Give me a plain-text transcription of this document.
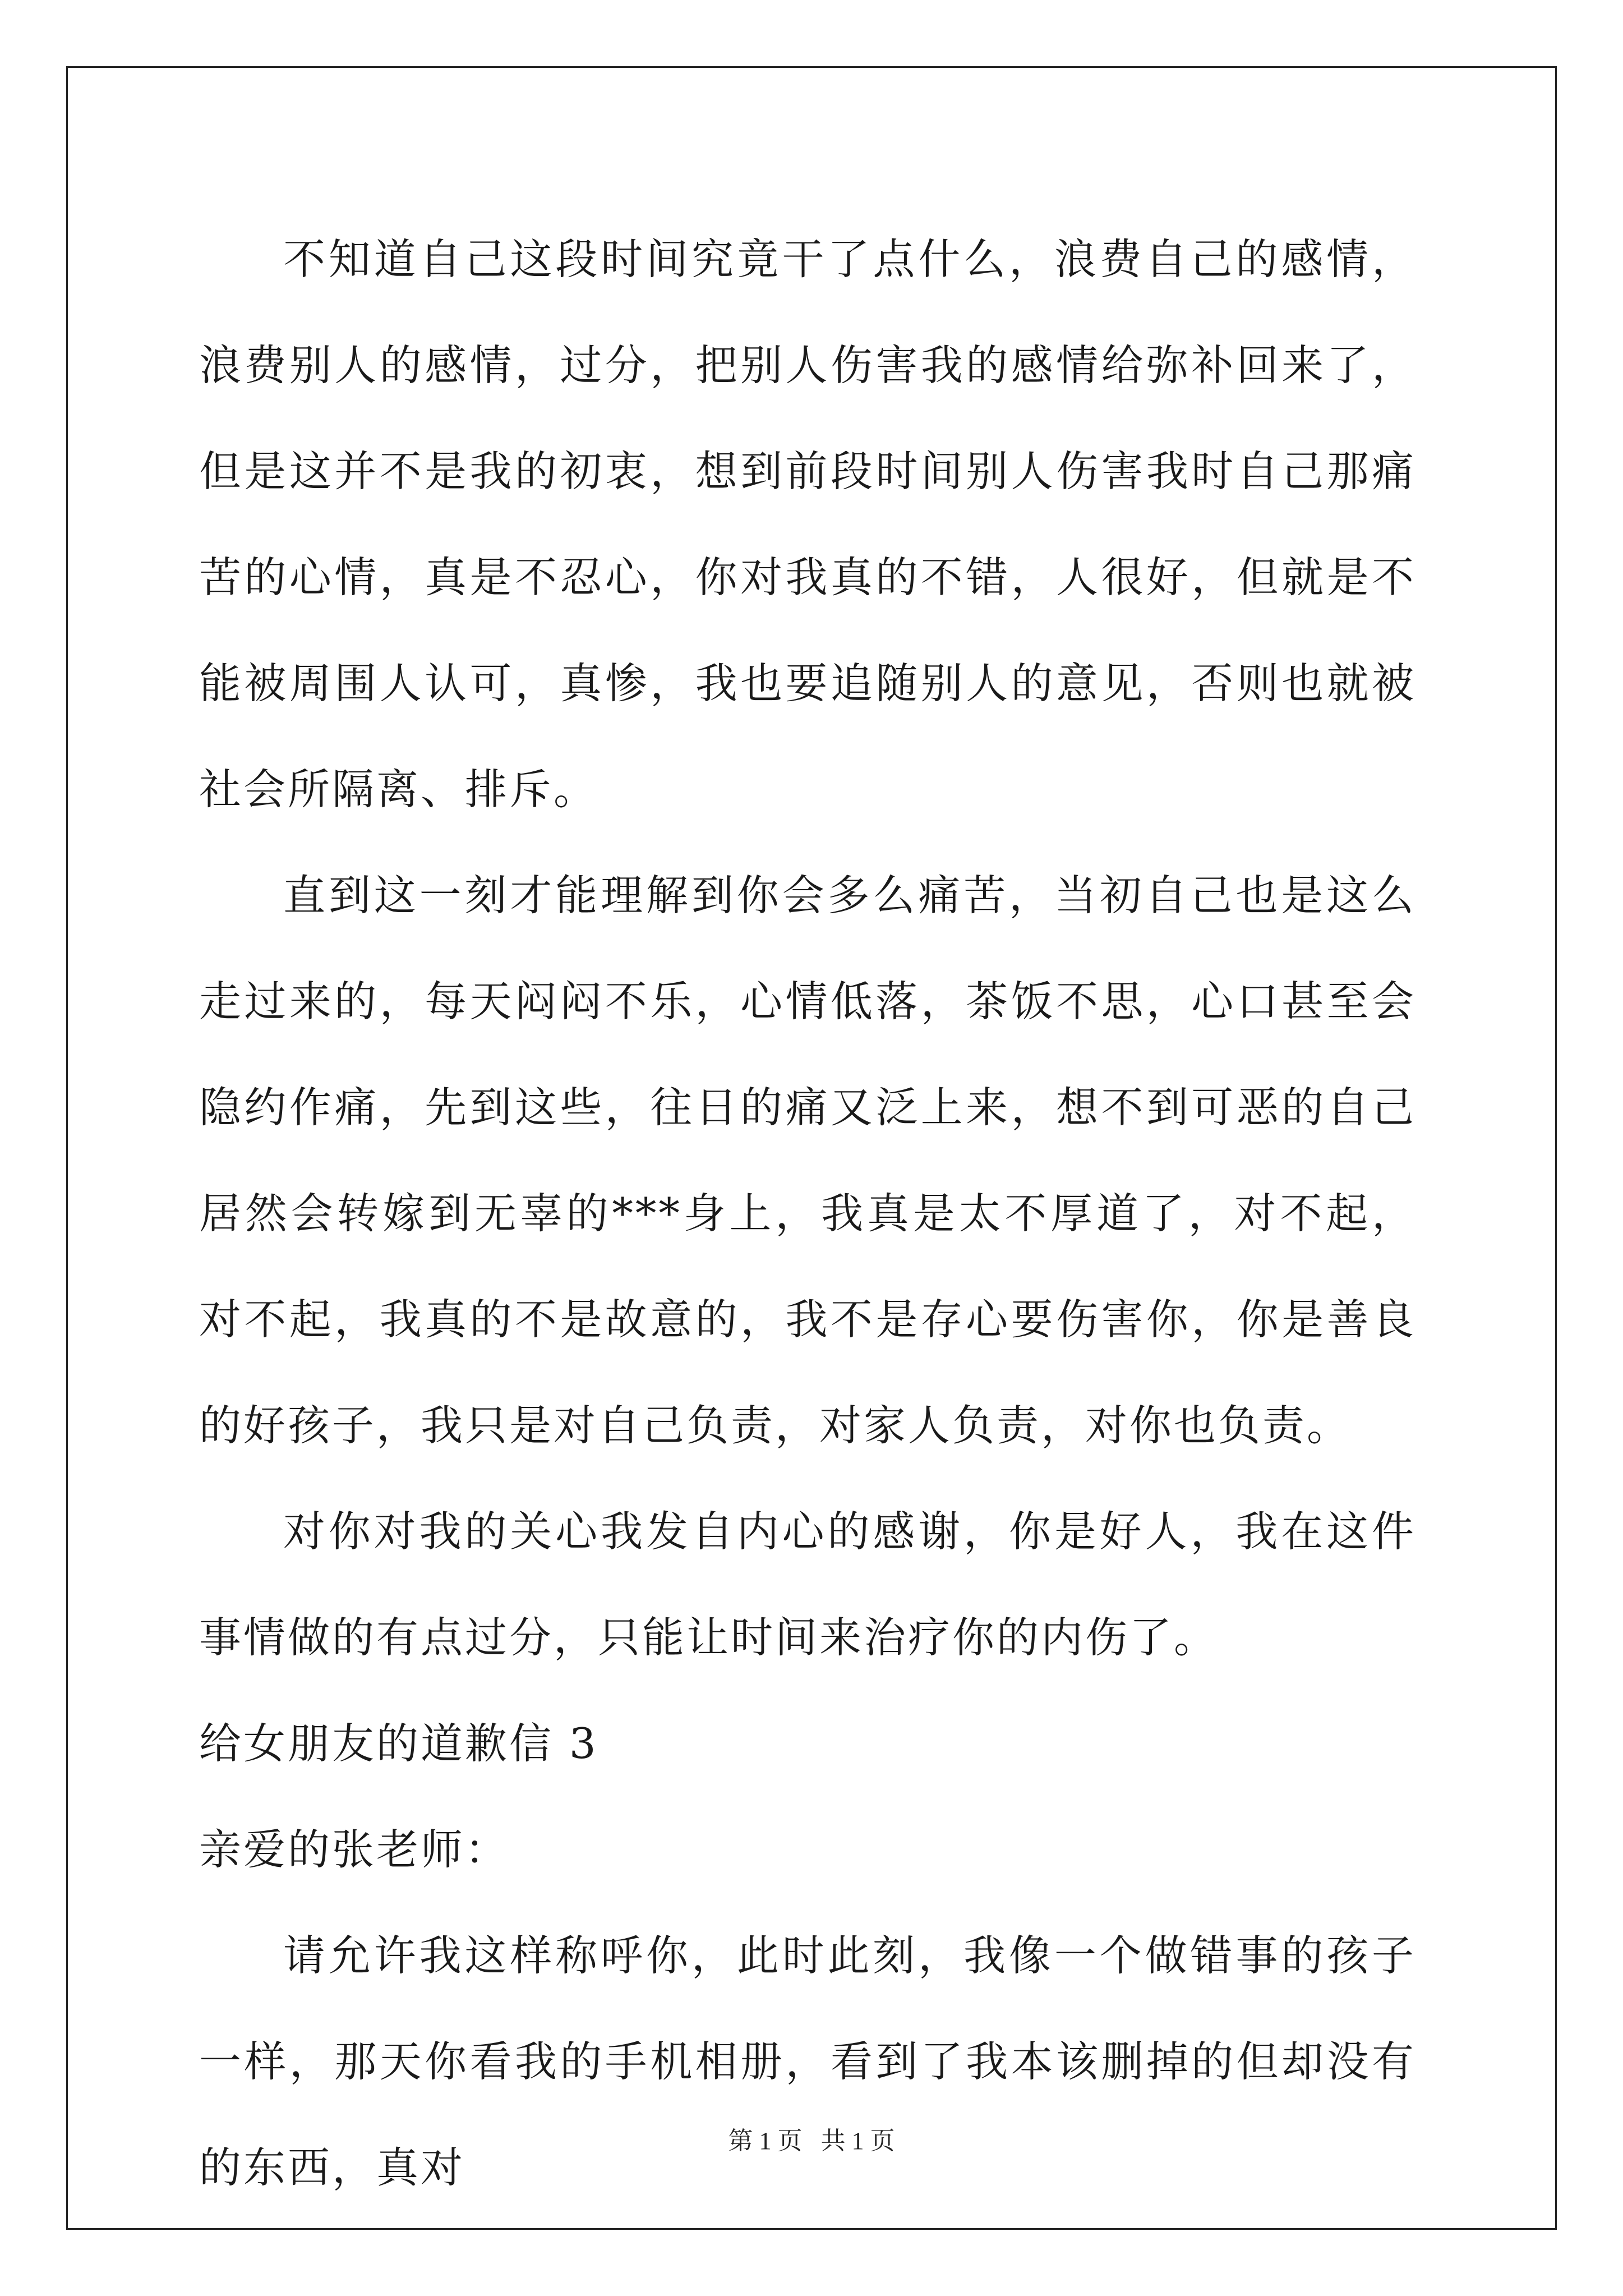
不知道自己这段时间究竟干了点什么，浪费自己的感情，浪费别人的感情，过分，把别人伤害我的感情给弥补回来了，但是这并不是我的初衷，想到前段时间别人伤害我时自己那痛苦的心情，真是不忍心，你对我真的不错，人很好，但就是不能被周围人认可，真惨，我也要追随别人的意见，否则也就被社会所隔离、排斥。

直到这一刻才能理解到你会多么痛苦，当初自己也是这么走过来的，每天闷闷不乐，心情低落，茶饭不思，心口甚至会隐约作痛，先到这些，往日的痛又泛上来，想不到可恶的自己居然会转嫁到无辜的***身上，我真是太不厚道了，对不起，对不起，我真的不是故意的，我不是存心要伤害你，你是善良的好孩子，我只是对自己负责，对家人负责，对你也负责。

对你对我的关心我发自内心的感谢，你是好人，我在这件事情做的有点过分，只能让时间来治疗你的内伤了。

给女朋友的道歉信 3

亲爱的张老师：

请允许我这样称呼你，此时此刻，我像一个做错事的孩子一样，那天你看我的手机相册，看到了我本该删掉的但却没有的东西，真对

第 1 页   共 1 页
